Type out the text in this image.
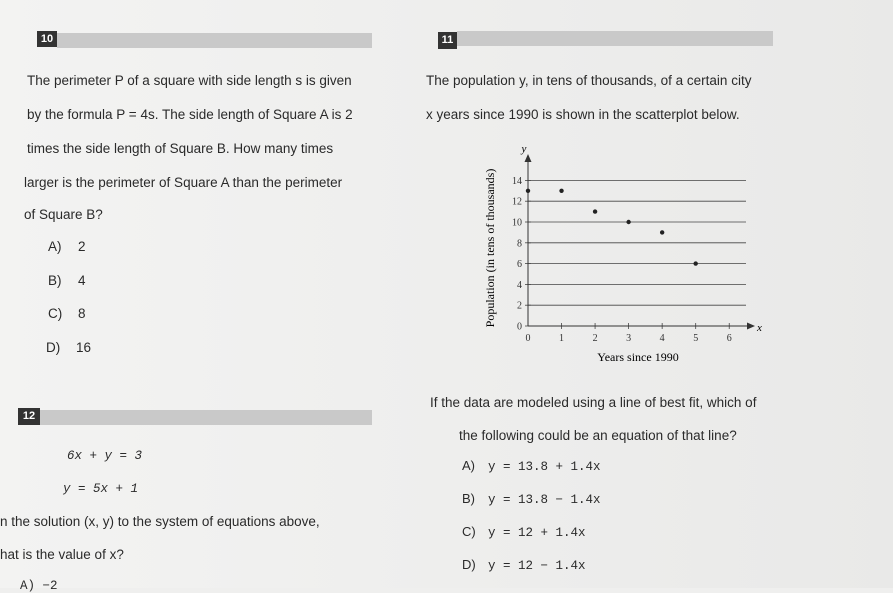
10
The perimeter P of a square with side length s is given
by the formula P = 4s. The side length of Square A is 2
times the side length of Square B. How many times
larger is the perimeter of Square A than the perimeter
of Square B?
A) 2
B) 4
C) 8
D) 16
11
The population y, in tens of thousands, of a certain city
x years since 1990 is shown in the scatterplot below.
0
2
4
6
8
10
12
14
0	1	2	3	4	5	6
y
x
Years since 1990
Population (in tens of thousands)
If the data are modeled using a line of best fit, which of
the following could be an equation of that line?
A) y = 13.8 + 1.4x
B) y = 13.8 − 1.4x
C) y = 12 + 1.4x
D) y = 12 − 1.4x
12
6x + y = 3
y = 5x + 1
n the solution (x, y) to the system of equations above,
hat is the value of x?
A) −2
